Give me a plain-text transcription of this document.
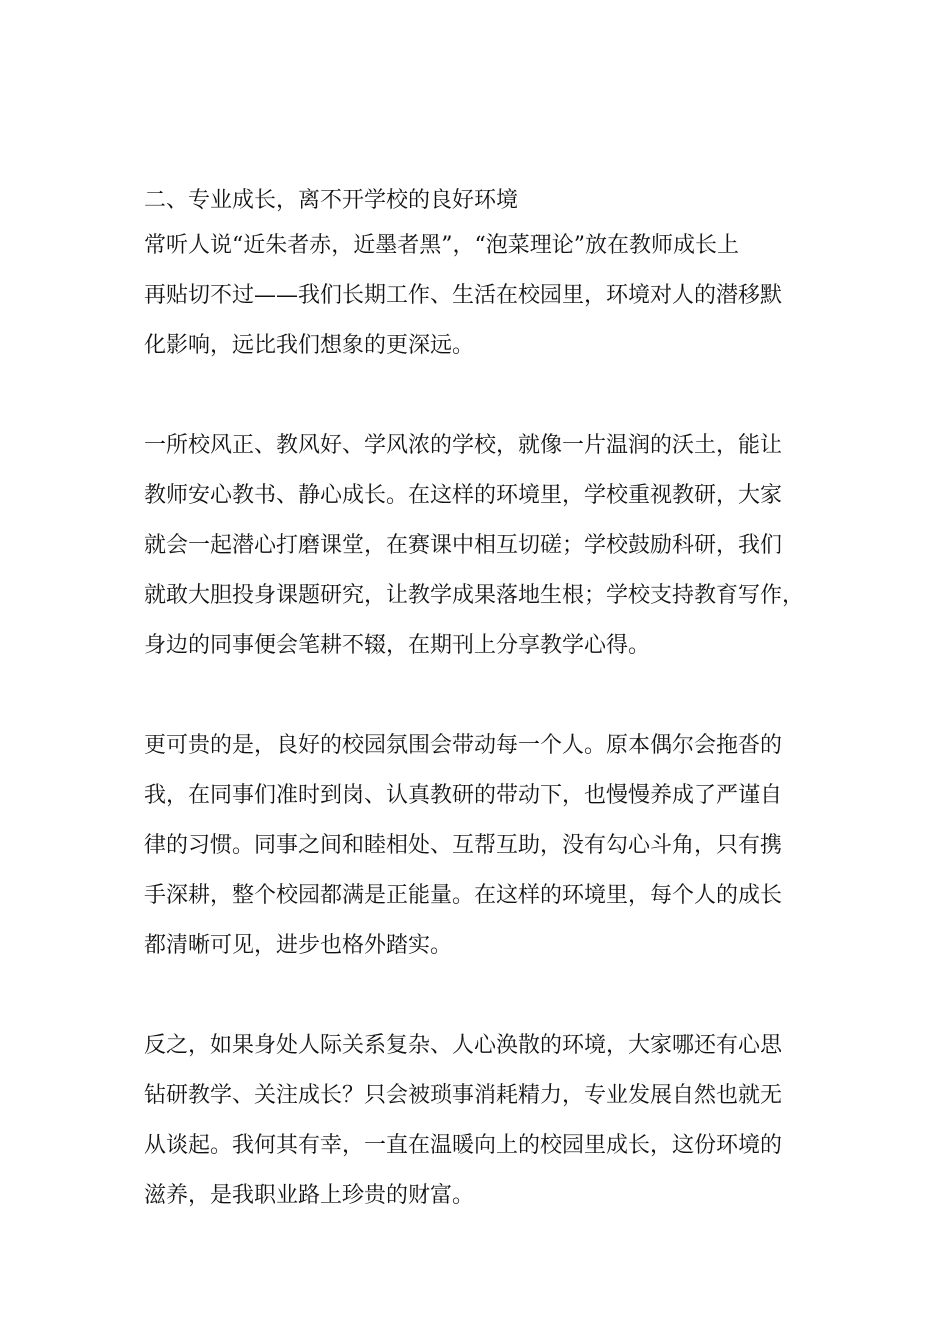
二、专业成长，离不开学校的良好环境
常听人说“近朱者赤，近墨者黑”，“泡菜理论”放在教师成长上
再贴切不过——我们长期工作、生活在校园里，环境对人的潜移默
化影响，远比我们想象的更深远。
一所校风正、教风好、学风浓的学校，就像一片温润的沃土，能让
教师安心教书、静心成长。在这样的环境里，学校重视教研，大家
就会一起潜心打磨课堂，在赛课中相互切磋；学校鼓励科研，我们
就敢大胆投身课题研究，让教学成果落地生根；学校支持教育写作，
身边的同事便会笔耕不辍，在期刊上分享教学心得。
更可贵的是，良好的校园氛围会带动每一个人。原本偶尔会拖沓的
我，在同事们准时到岗、认真教研的带动下，也慢慢养成了严谨自
律的习惯。同事之间和睦相处、互帮互助，没有勾心斗角，只有携
手深耕，整个校园都满是正能量。在这样的环境里，每个人的成长
都清晰可见，进步也格外踏实。
反之，如果身处人际关系复杂、人心涣散的环境，大家哪还有心思
钻研教学、关注成长？只会被琐事消耗精力，专业发展自然也就无
从谈起。我何其有幸，一直在温暖向上的校园里成长，这份环境的
滋养，是我职业路上珍贵的财富。
